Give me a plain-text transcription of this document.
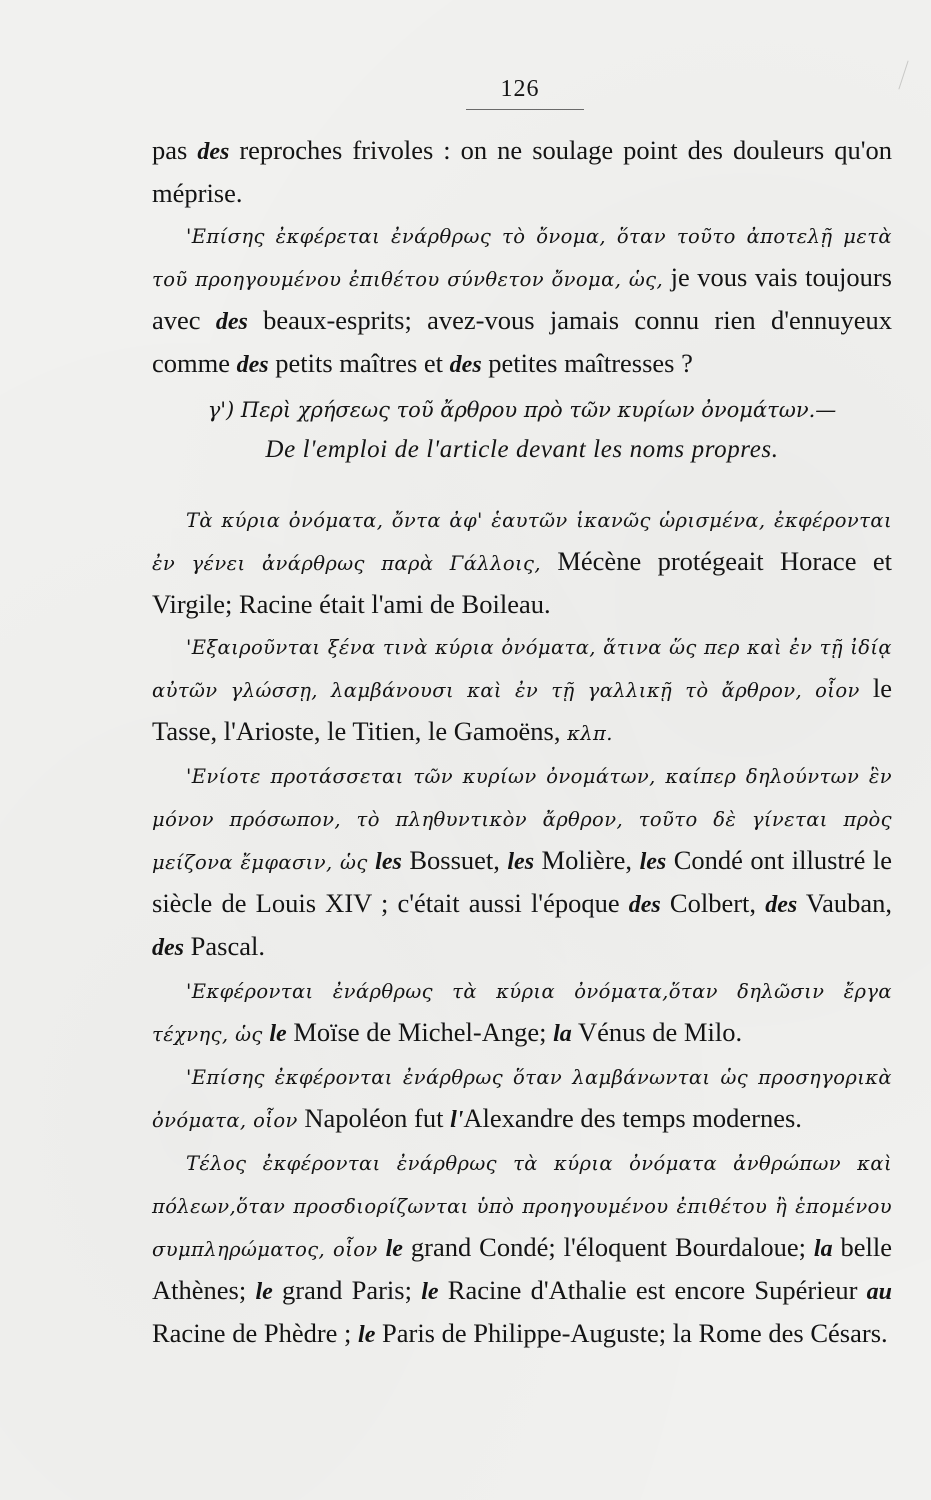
126

pas des reproches frivoles : on ne soulage point des douleurs qu'on méprise.

'Επίσης ἐκφέρεται ἐνάρθρως τὸ ὄνομα, ὅταν τοῦτο ἀποτελῇ μετὰ τοῦ προηγουμένου ἐπιθέτου σύνθετον ὄνομα, ὡς, je vous vais toujours avec des beaux-esprits; avez-vous jamais connu rien d'ennuyeux comme des petits maîtres et des petites maîtresses ?

γ') Περὶ χρήσεως τοῦ ἄρθρου πρὸ τῶν κυρίων ὀνομάτων.—
De l'emploi de l'article devant les noms propres.

Τὰ κύρια ὀνόματα, ὄντα ἀφ' ἑαυτῶν ἱκανῶς ὡρισμένα, ἐκφέρονται ἐν γένει ἀνάρθρως παρὰ Γάλλοις, Mécène protégeait Horace et Virgile; Racine était l'ami de Boileau.

'Εξαιροῦνται ξένα τινὰ κύρια ὀνόματα, ἅτινα ὥς περ καὶ ἐν τῇ ἰδίᾳ αὐτῶν γλώσσῃ, λαμβάνουσι καὶ ἐν τῇ γαλλικῇ τὸ ἄρθρον, οἷον le Tasse, l'Arioste, le Titien, le Gamoëns, κλπ.

'Ενίοτε προτάσσεται τῶν κυρίων ὀνομάτων, καίπερ δηλούντων ἓν μόνον πρόσωπον, τὸ πληθυντικὸν ἄρθρον, τοῦτο δὲ γίνεται πρὸς μείζονα ἔμφασιν, ὡς les Bossuet, les Molière, les Condé ont illustré le siècle de Louis XIV ; c'était aussi l'époque des Colbert, des Vauban, des Pascal.

'Εκφέρονται ἐνάρθρως τὰ κύρια ὀνόματα,ὅταν δηλῶσιν ἔργα τέχνης, ὡς le Moïse de Michel-Ange; la Vénus de Milo.

'Επίσης ἐκφέρονται ἐνάρθρως ὅταν λαμβάνωνται ὡς προσηγορικὰ ὀνόματα, οἷον Napoléon fut l'Alexandre des temps modernes.

Τέλος ἐκφέρονται ἐνάρθρως τὰ κύρια ὀνόματα ἀνθρώπων καὶ πόλεων,ὅταν προσδιορίζωνται ὑπὸ προηγουμένου ἐπιθέτου ἢ ἑπομένου συμπληρώματος, οἷον le grand Condé; l'éloquent Bourdaloue; la belle Athènes; le grand Paris; le Racine d'Athalie est encore Supérieur au Racine de Phèdre ; le Paris de Philippe-Auguste; la Rome des Césars.
